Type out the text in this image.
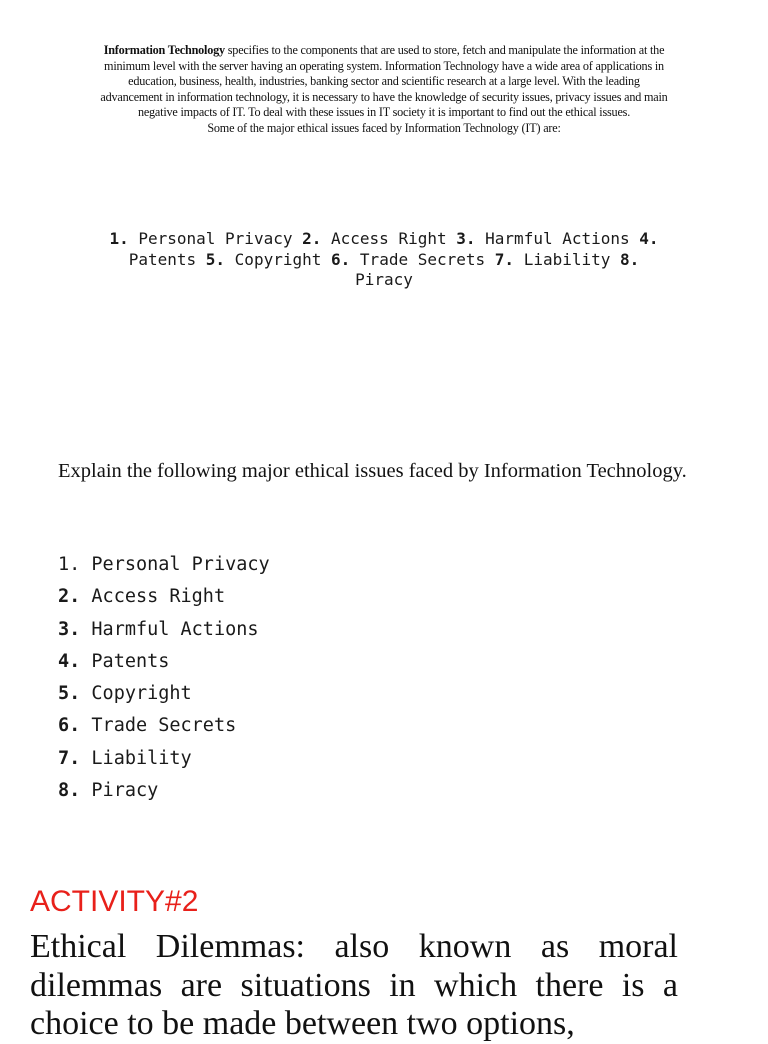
Information Technology specifies to the components that are used to store, fetch and manipulate the information at the minimum level with the server having an operating system. Information Technology have a wide area of applications in education, business, health, industries, banking sector and scientific research at a large level. With the leading advancement in information technology, it is necessary to have the knowledge of security issues, privacy issues and main negative impacts of IT. To deal with these issues in IT society it is important to find out the ethical issues.
Some of the major ethical issues faced by Information Technology (IT) are:
1. Personal Privacy 2. Access Right 3. Harmful Actions 4. Patents 5. Copyright 6. Trade Secrets 7. Liability 8. Piracy
Explain the following major ethical issues faced by Information Technology.
1. Personal Privacy
2. Access Right
3. Harmful Actions
4. Patents
5. Copyright
6. Trade Secrets
7. Liability
8. Piracy
ACTIVITY#2
Ethical Dilemmas: also known as moral dilemmas are situations in which there is a choice to be made between two options,
